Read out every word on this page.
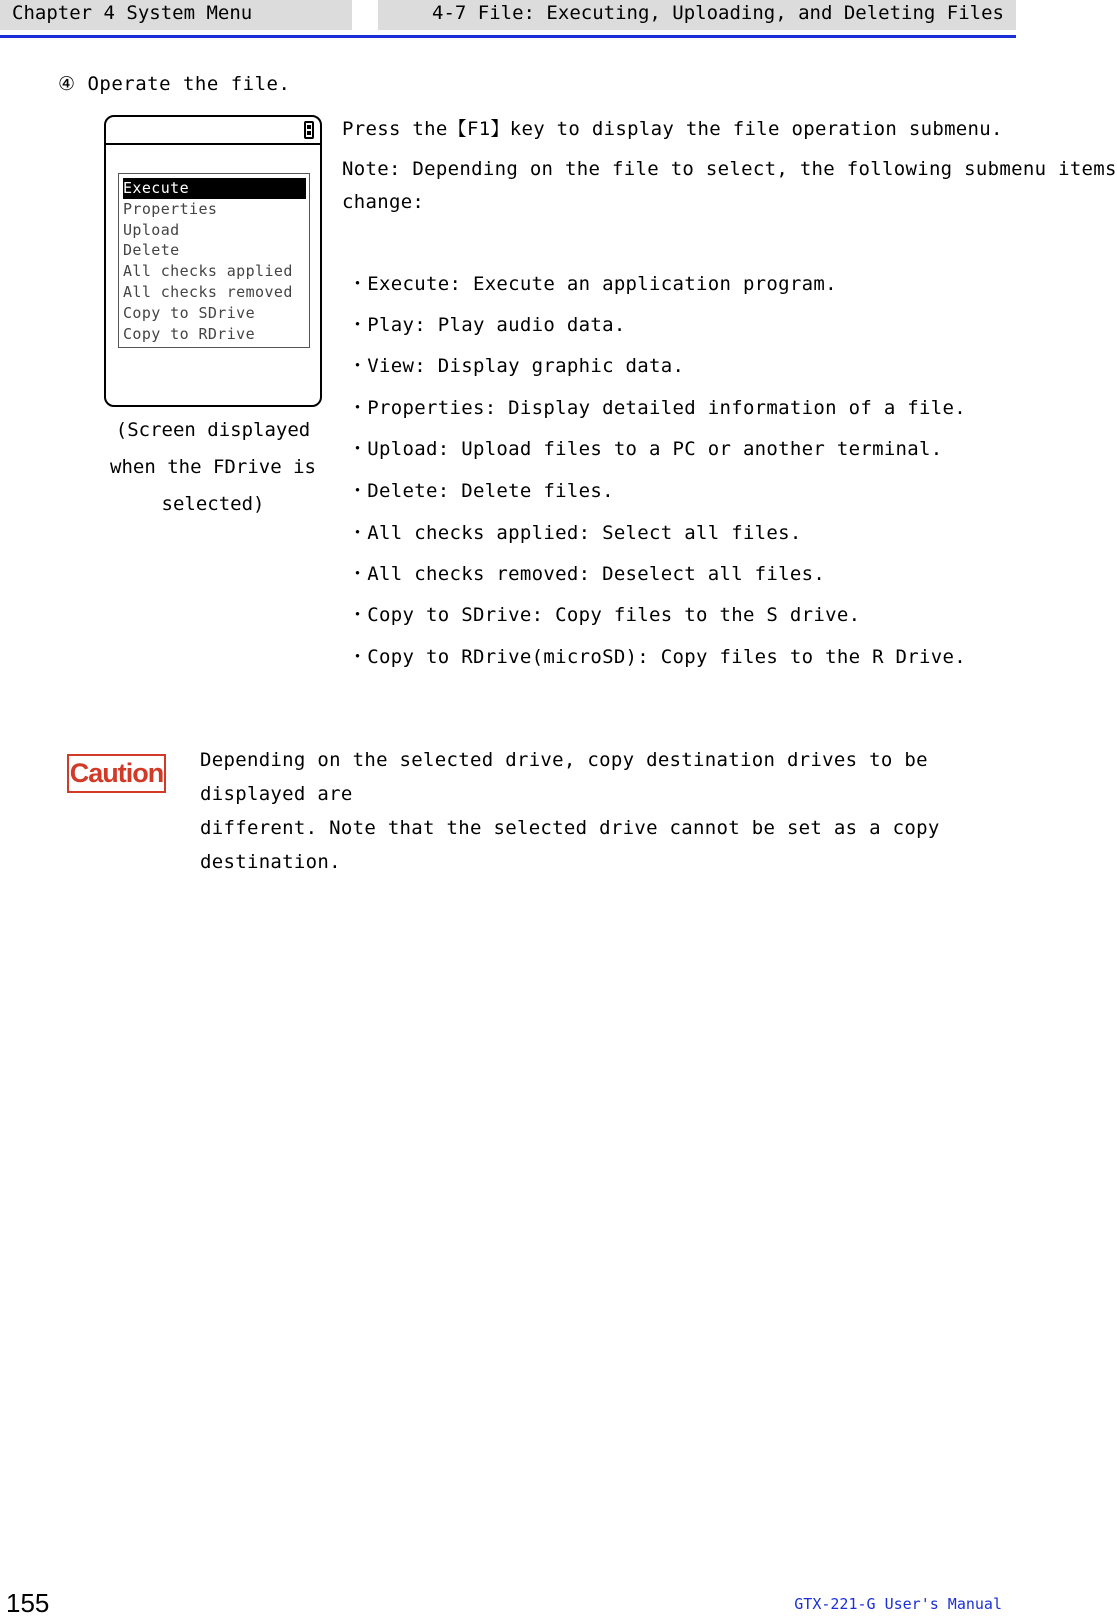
Chapter 4 System Menu	4-7 File: Executing, Uploading, and Deleting Files
④ Operate the file.
Execute
Properties
Upload
Delete
All checks applied
All checks removed
Copy to SDrive
Copy to RDrive
(Screen displayed
when the FDrive is
selected)
Press the【F1】key to display the file operation submenu.
Note: Depending on the file to select, the following submenu items
change:
・Execute: Execute an application program.
・Play: Play audio data.
・View: Display graphic data.
・Properties: Display detailed information of a file.
・Upload: Upload files to a PC or another terminal.
・Delete: Delete files.
・All checks applied: Select all files.
・All checks removed: Deselect all files.
・Copy to SDrive: Copy files to the S drive.
・Copy to RDrive(microSD): Copy files to the R Drive.
Caution Depending on the selected drive, copy destination drives to be displayed are
different. Note that the selected drive cannot be set as a copy destination.
155	GTX-221-G User's Manual
